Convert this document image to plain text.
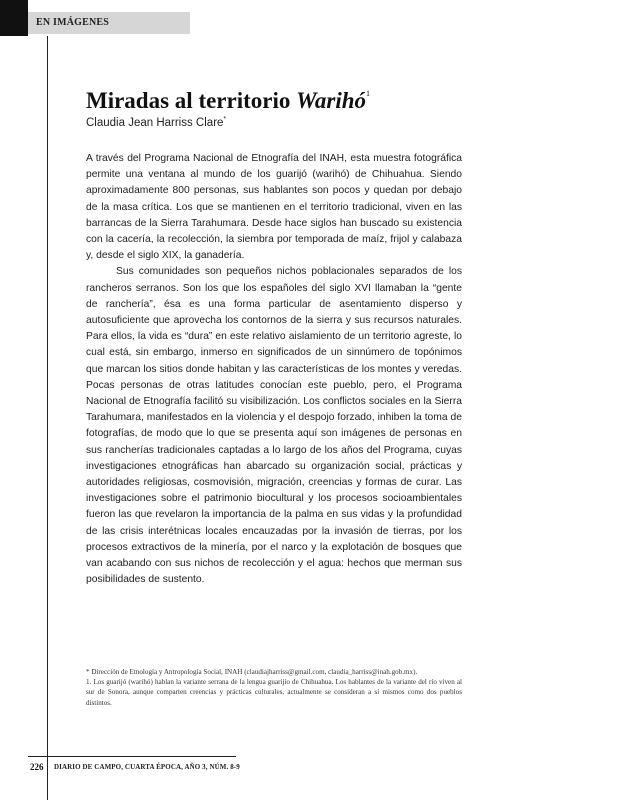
EN IMÁGENES
Miradas al territorio Warihó$^1$
Claudia Jean Harriss Clare*

A través del Programa Nacional de Etnografía del INAH, esta muestra fotográfica permite una ventana al mundo de los guarijó (warihó) de Chihuahua. Siendo aproximadamente 800 personas, sus hablantes son pocos y quedan por debajo de la masa crítica. Los que se mantienen en el territorio tradicional, viven en las barrancas de la Sierra Tarahumara. Desde hace siglos han buscado su existencia con la cacería, la recolección, la siembra por temporada de maíz, frijol y calabaza y, desde el siglo XIX, la ganadería.

Sus comunidades son pequeños nichos poblacionales separados de los rancheros serranos. Son los que los españoles del siglo XVI llamaban la “gente de ranchería”, ésa es una forma particular de asentamiento disperso y autosuficiente que aprovecha los contornos de la sierra y sus recursos naturales. Para ellos, la vida es “dura” en este relativo aislamiento de un territorio agreste, lo cual está, sin embargo, inmerso en significados de un sinnúmero de topónimos que marcan los sitios donde habitan y las características de los montes y veredas. Pocas personas de otras latitudes conocían este pueblo, pero, el Programa Nacional de Etnografía facilitó su visibilización. Los conflictos sociales en la Sierra Tarahumara, manifestados en la violencia y el despojo forzado, inhiben la toma de fotografías, de modo que lo que se presenta aquí son imágenes de personas en sus rancherías tradicionales captadas a lo largo de los años del Programa, cuyas investigaciones etnográficas han abarcado su organización social, prácticas y autoridades religiosas, cosmovisión, migración, creencias y formas de curar. Las investigaciones sobre el patrimonio biocultural y los procesos socioambientales fueron las que revelaron la importancia de la palma en sus vidas y la profundidad de las crisis interétnicas locales encauzadas por la invasión de tierras, por los procesos extractivos de la minería, por el narco y la explotación de bosques que van acabando con sus nichos de recolección y el agua: hechos que merman sus posibilidades de sustento.

* Dirección de Etnología y Antropología Social, INAH (claudiajharriss@gmail.com, claudia_harriss@inah.gob.mx).

1. Los guarijó (warihó) hablan la variante serrana de la lengua guarijío de Chihuahua. Los hablantes de la variante del río viven al sur de Sonora, aunque comparten creencias y prácticas culturales, actualmente se consideran a sí mismos como dos pueblos distintos.

226 DIARIO DE CAMPO, CUARTA ÉPOCA, AÑO 3, NÚM. 8-9
